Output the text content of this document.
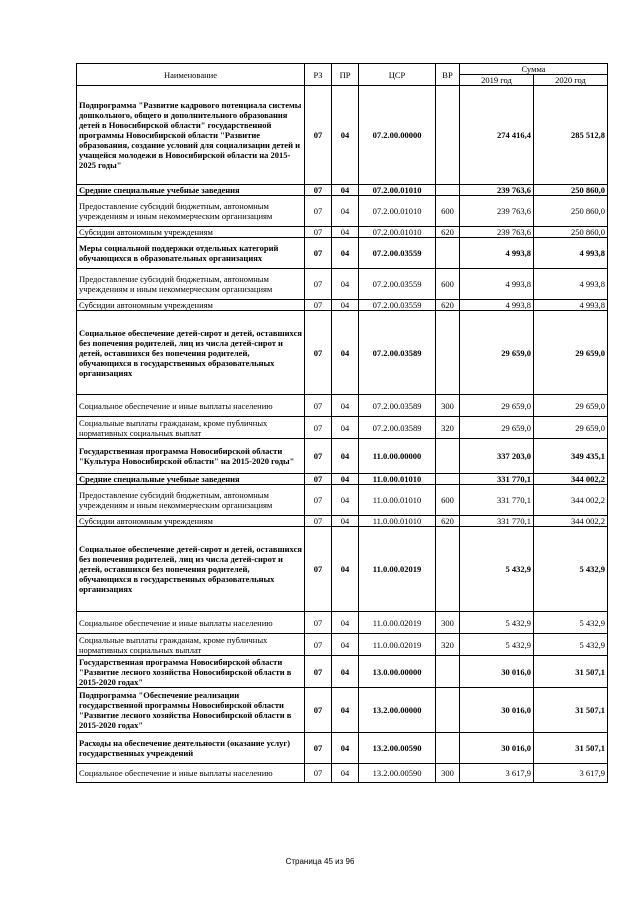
Наименование	РЗ	ПР	ЦСР	ВР	Сумма	
					2019 год	2020 год
Подпрограмма "Развитие кадрового потенциала системы дошкольного, общего и дополнительного образования детей в Новосибирской области" государственной программы Новосибирской области "Развитие образования, создание условий для социализации детей и учащейся молодежи в Новосибирской области на 2015-2025 годы"	07	04	07.2.00.00000		274 416,4	285 512,8
Средние специальные учебные заведения	07	04	07.2.00.01010		239 763,6	250 860,0
Предоставление субсидий бюджетным, автономным учреждениям и иным некоммерческим организациям	07	04	07.2.00.01010	600	239 763,6	250 860,0
Субсидии автономным учреждениям	07	04	07.2.00.01010	620	239 763,6	250 860,0
Меры социальной поддержки отдельных категорий обучающихся в образовательных организациях	07	04	07.2.00.03559		4 993,8	4 993,8
Предоставление субсидий бюджетным, автономным учреждениям и иным некоммерческим организациям	07	04	07.2.00.03559	600	4 993,8	4 993,8
Субсидии автономным учреждениям	07	04	07.2.00.03559	620	4 993,8	4 993,8
Социальное обеспечение детей-сирот и детей, оставшихся без попечения родителей, лиц из числа детей-сирот и детей, оставшихся без попечения родителей, обучающихся в государственных образовательных организациях	07	04	07.2.00.03589		29 659,0	29 659,0
Социальное обеспечение и иные выплаты населению	07	04	07.2.00.03589	300	29 659,0	29 659,0
Социальные выплаты гражданам, кроме публичных нормативных социальных выплат	07	04	07.2.00.03589	320	29 659,0	29 659,0
Государственная программа Новосибирской области "Культура Новосибирской области" на 2015-2020 годы"	07	04	11.0.00.00000		337 203,0	349 435,1
Средние специальные учебные заведения	07	04	11.0.00.01010		331 770,1	344 002,2
Предоставление субсидий бюджетным, автономным учреждениям и иным некоммерческим организациям	07	04	11.0.00.01010	600	331 770,1	344 002,2
Субсидии автономным учреждениям	07	04	11.0.00.01010	620	331 770,1	344 002,2
Социальное обеспечение детей-сирот и детей, оставшихся без попечения родителей, лиц из числа детей-сирот и детей, оставшихся без попечения родителей, обучающихся в государственных образовательных организациях	07	04	11.0.00.02019		5 432,9	5 432,9
Социальное обеспечение и иные выплаты населению	07	04	11.0.00.02019	300	5 432,9	5 432,9
Социальные выплаты гражданам, кроме публичных нормативных социальных выплат	07	04	11.0.00.02019	320	5 432,9	5 432,9
Государственная программа Новосибирской области "Развитие лесного хозяйства Новосибирской области в 2015-2020 годах"	07	04	13.0.00.00000		30 016,0	31 507,1
Подпрограмма "Обеспечение реализации государственной программы Новосибирской области "Развитие лесного хозяйства Новосибирской области в 2015-2020 годах"	07	04	13.2.00.00000		30 016,0	31 507,1
Расходы на обеспечение деятельности (оказание услуг) государственных учреждений	07	04	13.2.00.00590		30 016,0	31 507,1
Социальное обеспечение и иные выплаты населению	07	04	13.2.00.00590	300	3 617,9	3 617,9
Страница 45 из 96
